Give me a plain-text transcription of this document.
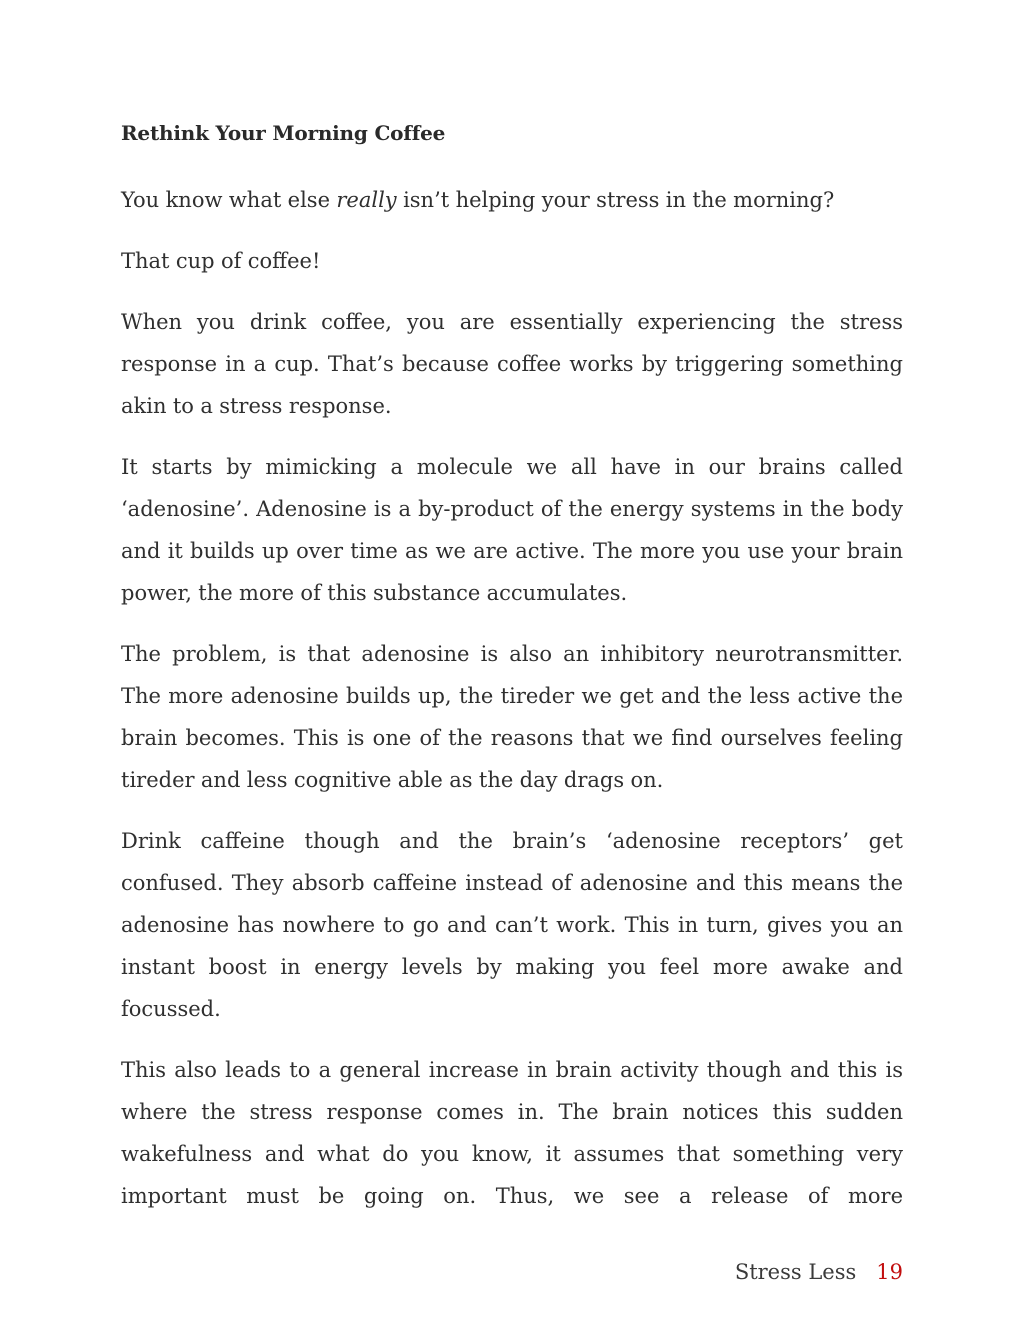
Rethink Your Morning Coffee

You know what else really isn’t helping your stress in the morning?

That cup of coffee!

When you drink coffee, you are essentially experiencing the stress response in a cup. That’s because coffee works by triggering something akin to a stress response.

It starts by mimicking a molecule we all have in our brains called ‘adenosine’. Adenosine is a by-product of the energy systems in the body and it builds up over time as we are active. The more you use your brain power, the more of this substance accumulates.

The problem, is that adenosine is also an inhibitory neurotransmitter. The more adenosine builds up, the tireder we get and the less active the brain becomes. This is one of the reasons that we find ourselves feeling tireder and less cognitive able as the day drags on.

Drink caffeine though and the brain’s ‘adenosine receptors’ get confused. They absorb caffeine instead of adenosine and this means the adenosine has nowhere to go and can’t work. This in turn, gives you an instant boost in energy levels by making you feel more awake and focussed.

This also leads to a general increase in brain activity though and this is where the stress response comes in. The brain notices this sudden wakefulness and what do you know, it assumes that something very important must be going on. Thus, we see a release of more

Stress Less 19
